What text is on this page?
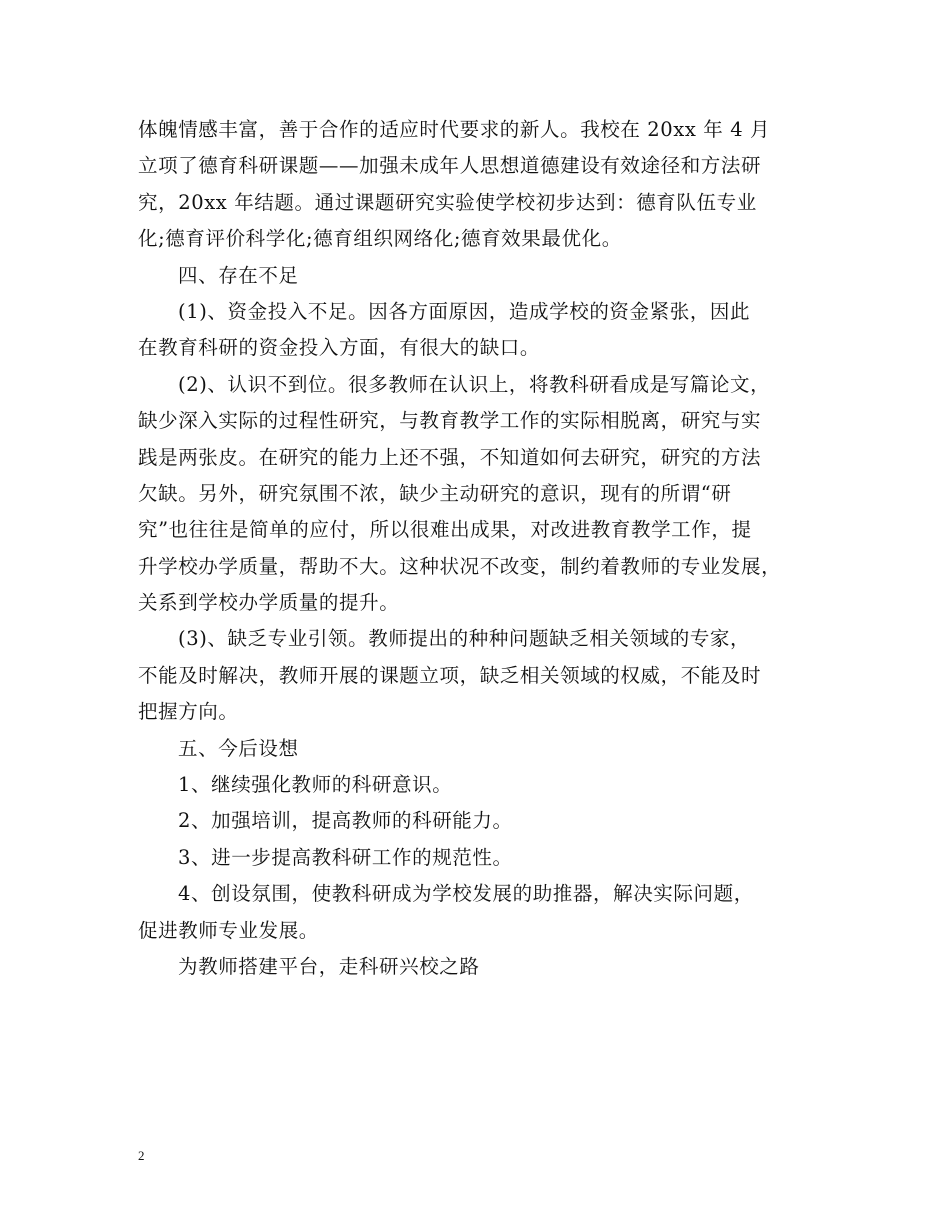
体魄情感丰富，善于合作的适应时代要求的新人。我校在 20xx 年 4 月
立项了德育科研课题——加强未成年人思想道德建设有效途径和方法研
究，20xx 年结题。通过课题研究实验使学校初步达到：德育队伍专业
化;德育评价科学化;德育组织网络化;德育效果最优化。
四、存在不足
(1)、资金投入不足。因各方面原因，造成学校的资金紧张，因此
在教育科研的资金投入方面，有很大的缺口。
(2)、认识不到位。很多教师在认识上，将教科研看成是写篇论文，
缺少深入实际的过程性研究，与教育教学工作的实际相脱离，研究与实
践是两张皮。在研究的能力上还不强，不知道如何去研究，研究的方法
欠缺。另外，研究氛围不浓，缺少主动研究的意识，现有的所谓“研
究”也往往是简单的应付，所以很难出成果，对改进教育教学工作，提
升学校办学质量，帮助不大。这种状况不改变，制约着教师的专业发展，
关系到学校办学质量的提升。
(3)、缺乏专业引领。教师提出的种种问题缺乏相关领域的专家，
不能及时解决，教师开展的课题立项，缺乏相关领域的权威，不能及时
把握方向。
五、今后设想
1、继续强化教师的科研意识。
2、加强培训，提高教师的科研能力。
3、进一步提高教科研工作的规范性。
4、创设氛围，使教科研成为学校发展的助推器，解决实际问题，
促进教师专业发展。
为教师搭建平台，走科研兴校之路
2
